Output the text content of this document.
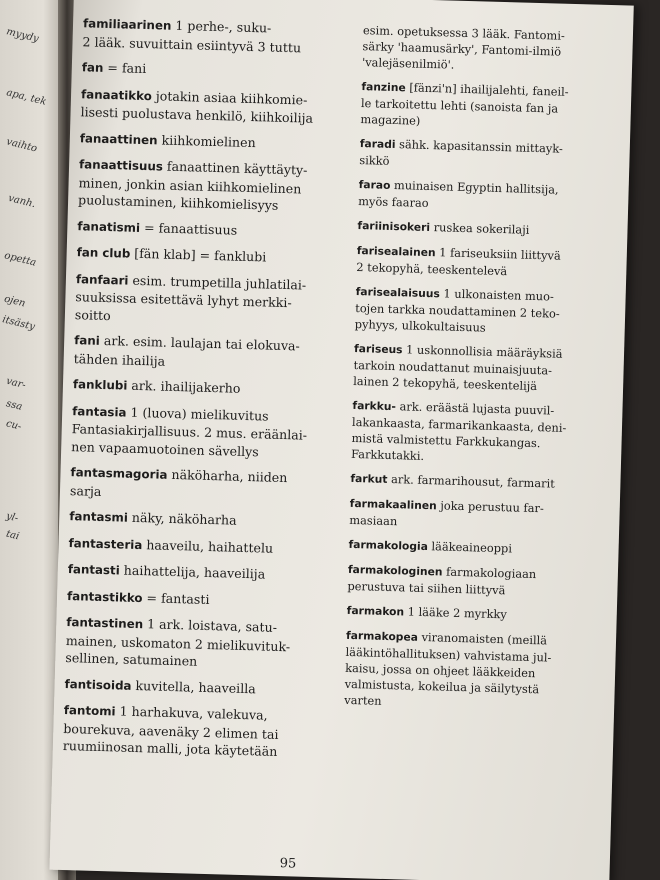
myydy
apa, tek
vaihto
vanh.
opetta
ojen
itsästy
var-
ssa
cu-
yl-
tai
familiaarinen 1 perhe-, suku-
2 lääk. suvuittain esiintyvä 3 tuttu
fan = fani
fanaatikko jotakin asiaa kiihkomie-
lisesti puolustava henkilö, kiihkoilija
fanaattinen kiihkomielinen
fanaattisuus fanaattinen käyttäyty-
minen, jonkin asian kiihkomielinen
puolustaminen, kiihkomielisyys
fanatismi = fanaattisuus
fan club [fän klab] = fanklubi
fanfaari esim. trumpetilla juhlatilai-
suuksissa esitettävä lyhyt merkki-
soitto
fani ark. esim. laulajan tai elokuva-
tähden ihailija
fanklubi ark. ihailijakerho
fantasia 1 (luova) mielikuvitus
Fantasiakirjallisuus. 2 mus. eräänlai-
nen vapaamuotoinen sävellys
fantasmagoria näköharha, niiden
sarja
fantasmi näky, näköharha
fantasteria haaveilu, haihattelu
fantasti haihattelija, haaveilija
fantastikko = fantasti
fantastinen 1 ark. loistava, satu-
mainen, uskomaton 2 mielikuvituk-
sellinen, satumainen
fantisoida kuvitella, haaveilla
fantomi 1 harhakuva, valekuva,
bourekuva, aavenäky 2 elimen tai
ruumiinosan malli, jota käytetään
esim. opetuksessa 3 lääk. Fantomi-
särky 'haamusärky', Fantomi-ilmiö
'valejäsenilmiö'.
fanzine [fänzi'n] ihailijalehti, faneil-
le tarkoitettu lehti (sanoista fan ja
magazine)
faradi sähk. kapasitanssin mittayk-
sikkö
farao muinaisen Egyptin hallitsija,
myös faarao
fariinisokeri ruskea sokerilaji
farisealainen 1 fariseuksiin liittyvä
2 tekopyhä, teeskentelevä
farisealaisuus 1 ulkonaisten muo-
tojen tarkka noudattaminen 2 teko-
pyhyys, ulkokultaisuus
fariseus 1 uskonnollisia määräyksiä
tarkoin noudattanut muinaisjuuta-
lainen 2 tekopyhä, teeskentelijä
farkku- ark. eräästä lujasta puuvil-
lakankaasta, farmarikankaasta, deni-
mistä valmistettu Farkkukangas.
Farkkutakki.
farkut ark. farmarihousut, farmarit
farmakaalinen joka perustuu far-
masiaan
farmakologia lääkeaineoppi
farmakologinen farmakologiaan
perustuva tai siihen liittyvä
farmakon 1 lääke 2 myrkky
farmakopea viranomaisten (meillä
lääkintöhallituksen) vahvistama jul-
kaisu, jossa on ohjeet lääkkeiden
valmistusta, kokeilua ja säilytystä
varten
95
